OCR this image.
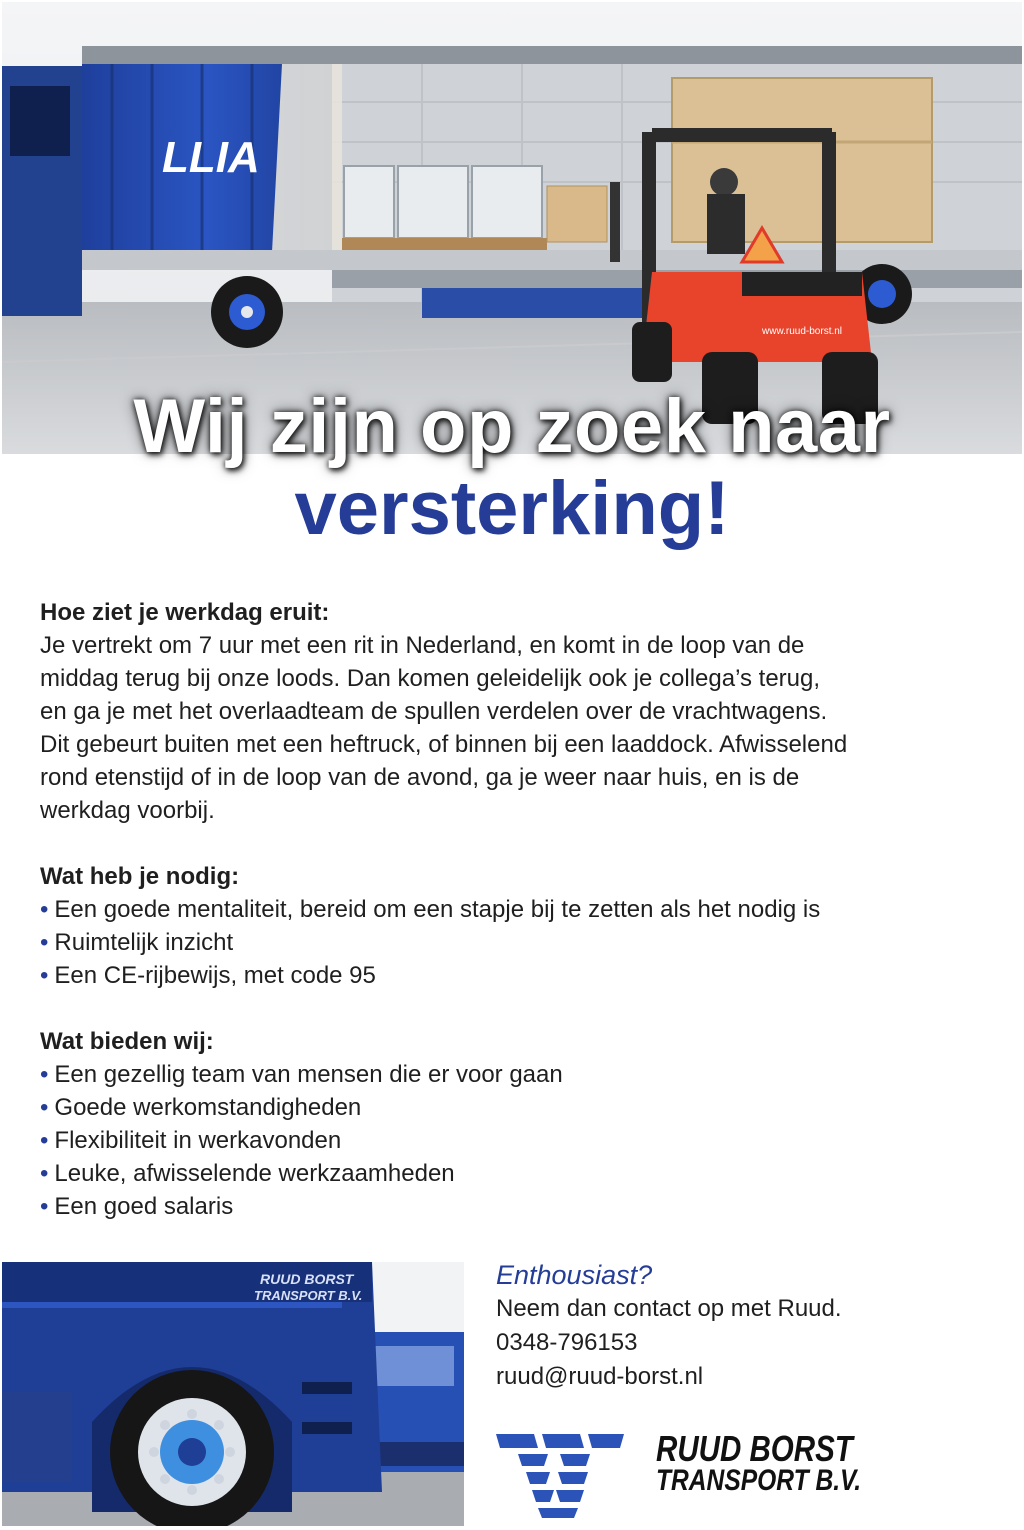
LLIA
www.ruud-borst.nl
Wij zijn op zoek naar
versterking!

Hoe ziet je werkdag eruit:

Je vertrekt om 7 uur met een rit in Nederland, en komt in de loop van de

middag terug bij onze loods. Dan komen geleidelijk ook je collega’s terug,

en ga je met het overlaadteam de spullen verdelen over de vrachtwagens.

Dit gebeurt buiten met een heftruck, of binnen bij een laaddock. Afwisselend

rond etenstijd of in de loop van de avond, ga je weer naar huis, en is de

werkdag voorbij.

Wat heb je nodig:

• Een goede mentaliteit, bereid om een stapje bij te zetten als het nodig is
• Ruimtelijk inzicht
• Een CE-rijbewijs, met code 95

Wat bieden wij:

• Een gezellig team van mensen die er voor gaan
• Goede werkomstandigheden
• Flexibiliteit in werkavonden
• Leuke, afwisselende werkzaamheden
• Een goed salaris
RUUD BORST
TRANSPORT B.V.

Enthousiast?

Neem dan contact op met Ruud.

0348-796153

ruud@ruud-borst.nl

RUUD BORST
TRANSPORT B.V.
